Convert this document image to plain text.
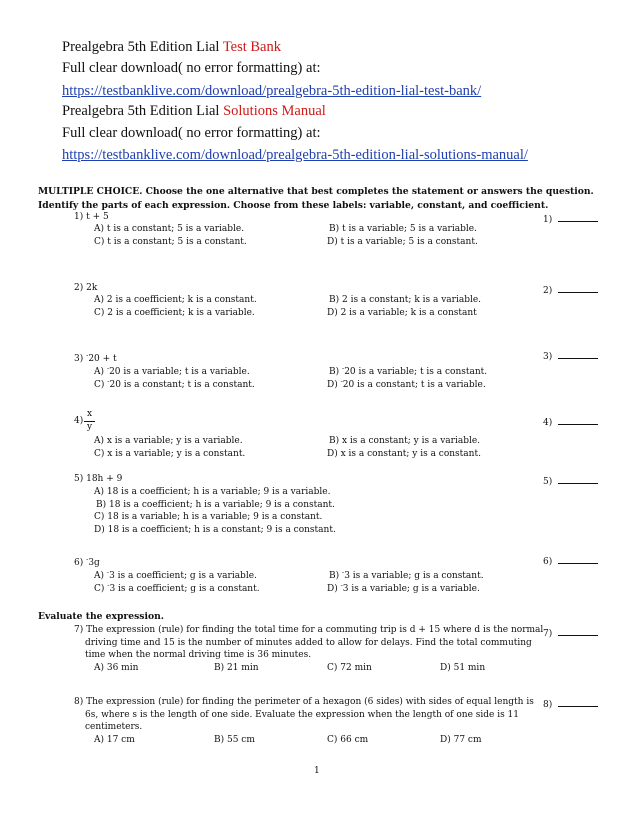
Prealgebra 5th Edition Lial Test Bank
Full clear download( no error formatting) at:
https://testbanklive.com/download/prealgebra-5th-edition-lial-test-bank/
Prealgebra 5th Edition Lial Solutions Manual
Full clear download( no error formatting) at:
https://testbanklive.com/download/prealgebra-5th-edition-lial-solutions-manual/
MULTIPLE CHOICE. Choose the one alternative that best completes the statement or answers the question.
Identify the parts of each expression. Choose from these labels: variable, constant, and coefficient.
1) t + 5	1)
A) t is a constant; 5 is a variable.	B) t is a variable; 5 is a variable.
C) t is a constant; 5 is a constant.	D) t is a variable; 5 is a constant.
2) 2k	2)
A) 2 is a coefficient; k is a constant.	B) 2 is a constant; k is a variable.
C) 2 is a coefficient; k is a variable.	D) 2 is a variable; k is a constant
3) -20 + t	3)
A) -20 is a variable; t is a variable.	B) -20 is a variable; t is a constant.
C) -20 is a constant; t is a constant.	D) -20 is a constant; t is a variable.
4)
x
y	4)
A) x is a variable; y is a variable.	B) x is a constant; y is a variable.
C) x is a variable; y is a constant.	D) x is a constant; y is a constant.
5) 18h + 9	5)
A) 18 is a coefficient; h is a variable; 9 is a variable.
B) 18 is a coefficient; h is a variable; 9 is a constant.
C) 18 is a variable; h is a variable; 9 is a constant.
D) 18 is a coefficient; h is a constant; 9 is a constant.
6) -3g	6)
A) -3 is a coefficient; g is a variable.	B) -3 is a variable; g is a constant.
C) -3 is a coefficient; g is a constant.	D) -3 is a variable; g is a variable.
Evaluate the expression.
7) The expression (rule) for finding the total time for a commuting trip is d + 15 where d is the normal 7)
driving time and 15 is the number of minutes added to allow for delays. Find the total commuting
time when the normal driving time is 36 minutes.
A) 36 min	B) 21 min	C) 72 min	D) 51 min
8) The expression (rule) for finding the perimeter of a hexagon (6 sides) with sides of equal length is 8)
6s, where s is the length of one side. Evaluate the expression when the length of one side is 11
centimeters.
A) 17 cm	B) 55 cm	C) 66 cm	D) 77 cm
1
